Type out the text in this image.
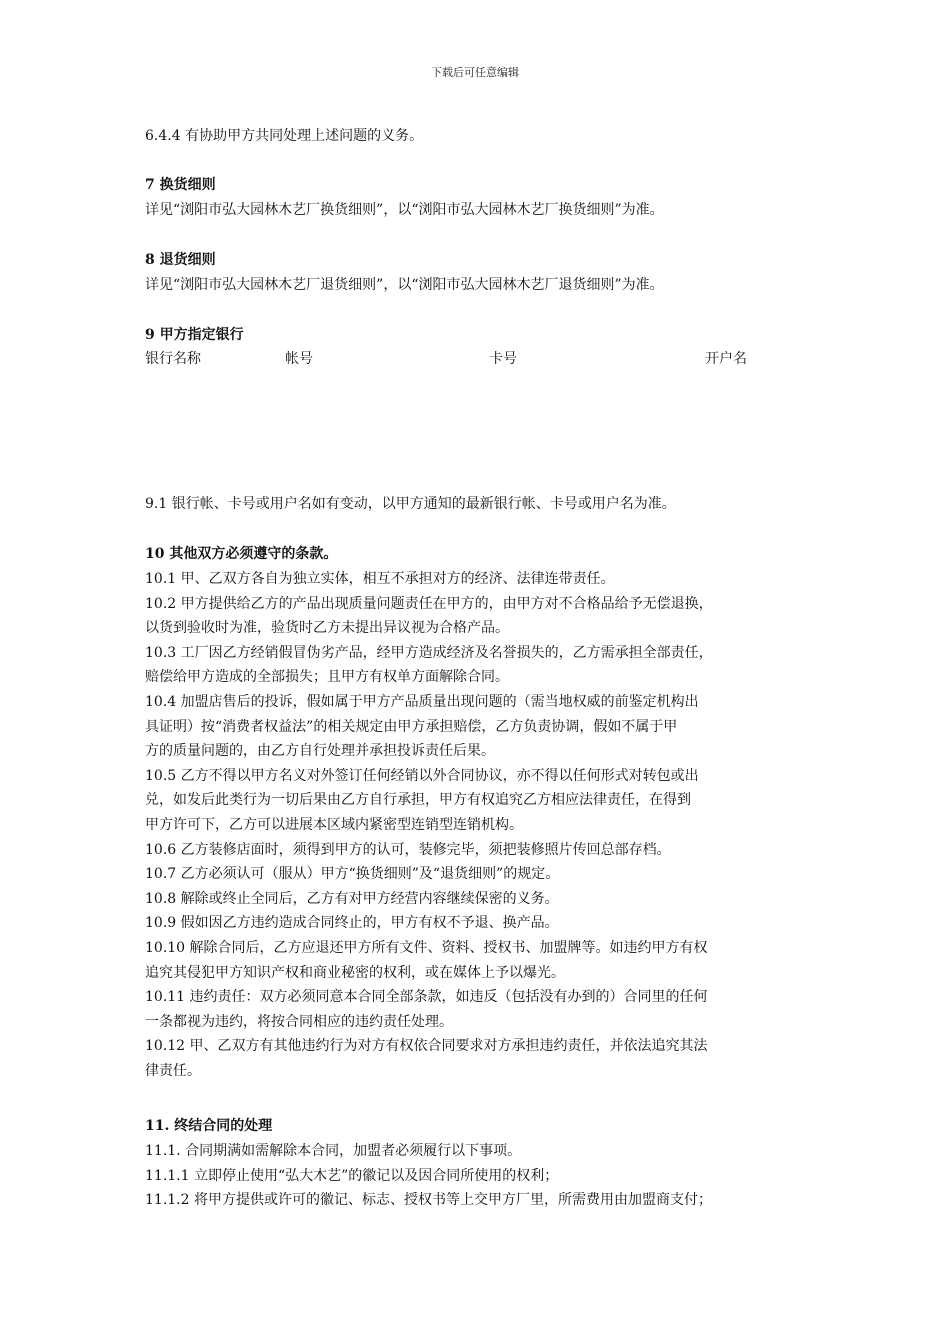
下载后可任意编辑
6.4.4 有协助甲方共同处理上述问题的义务。
7 换货细则
详见“浏阳市弘大园林木艺厂换货细则”，以“浏阳市弘大园林木艺厂换货细则”为准。
8 退货细则
详见“浏阳市弘大园林木艺厂退货细则”，以“浏阳市弘大园林木艺厂退货细则”为准。
9 甲方指定银行
银行名称	帐号	卡号	开户名
9.1 银行帐、卡号或用户名如有变动，以甲方通知的最新银行帐、卡号或用户名为准。
10 其他双方必须遵守的条款。
10.1 甲、乙双方各自为独立实体，相互不承担对方的经济、法律连带责任。
10.2 甲方提供给乙方的产品出现质量问题责任在甲方的，由甲方对不合格品给予无偿退换，
以货到验收时为准，验货时乙方未提出异议视为合格产品。
10.3 工厂因乙方经销假冒伪劣产品，经甲方造成经济及名誉损失的，乙方需承担全部责任，
赔偿给甲方造成的全部损失；且甲方有权单方面解除合同。
10.4 加盟店售后的投诉，假如属于甲方产品质量出现问题的（需当地权威的前鉴定机构出
具证明）按“消费者权益法”的相关规定由甲方承担赔偿，乙方负责协调，假如不属于甲
方的质量问题的，由乙方自行处理并承担投诉责任后果。
10.5 乙方不得以甲方名义对外签订任何经销以外合同协议，亦不得以任何形式对转包或出
兑，如发后此类行为一切后果由乙方自行承担，甲方有权追究乙方相应法律责任，在得到
甲方许可下，乙方可以进展本区域内紧密型连销型连销机构。
10.6 乙方装修店面时，须得到甲方的认可，装修完毕，须把装修照片传回总部存档。
10.7 乙方必须认可（服从）甲方“换货细则”及“退货细则”的规定。
10.8 解除或终止全同后，乙方有对甲方经营内容继续保密的义务。
10.9 假如因乙方违约造成合同终止的，甲方有权不予退、换产品。
10.10 解除合同后，乙方应退还甲方所有文件、资料、授权书、加盟牌等。如违约甲方有权
追究其侵犯甲方知识产权和商业秘密的权利，或在媒体上予以爆光。
10.11 违约责任：双方必须同意本合同全部条款，如违反（包括没有办到的）合同里的任何
一条都视为违约，将按合同相应的违约责任处理。
10.12 甲、乙双方有其他违约行为对方有权依合同要求对方承担违约责任，并依法追究其法
律责任。
11. 终结合同的处理
11.1. 合同期满如需解除本合同，加盟者必须履行以下事项。
11.1.1 立即停止使用“弘大木艺”的徽记以及因合同所使用的权利；
11.1.2 将甲方提供或许可的徽记、标志、授权书等上交甲方厂里，所需费用由加盟商支付；
